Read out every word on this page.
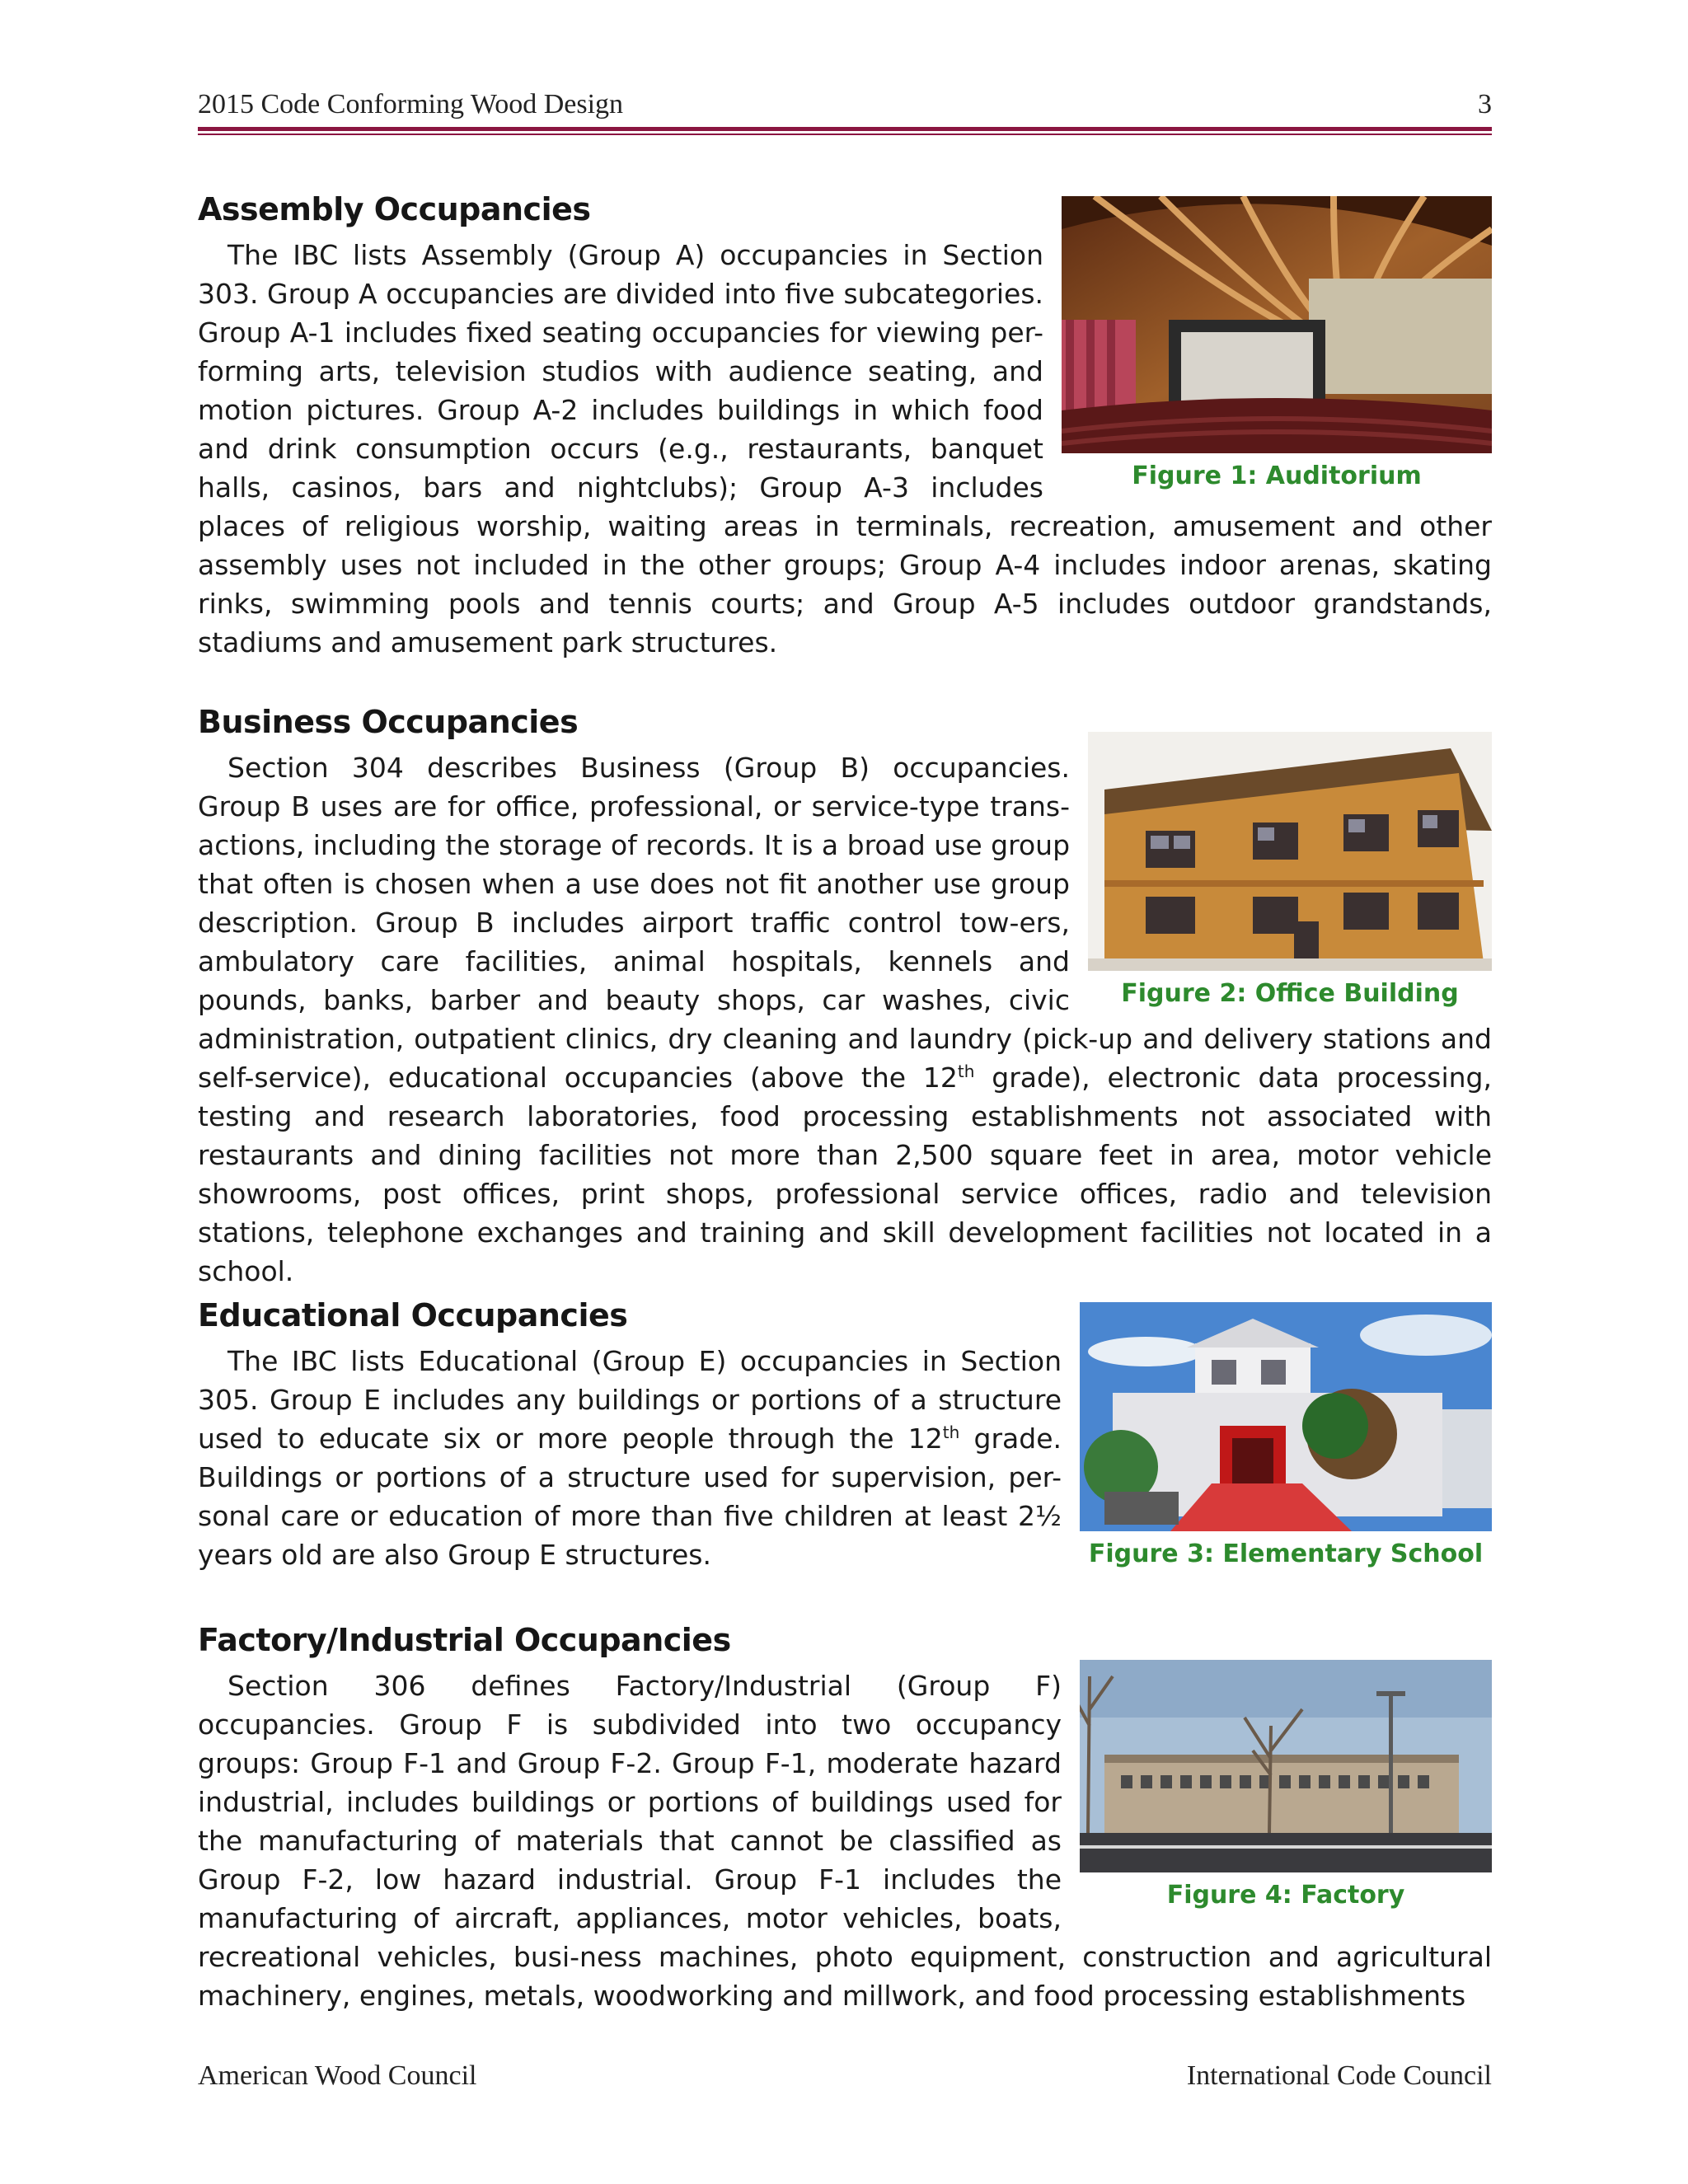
2015 Code Conforming Wood Design	3
Assembly Occupancies
Figure 1: Auditorium

The IBC lists Assembly (Group A) occupancies in Section 303. Group A occupancies are divided into five subcategories. Group A-1 includes fixed seating occupancies for viewing per-forming arts, television studios with audience seating, and motion pictures. Group A-2 includes buildings in which food and drink consumption occurs (e.g., restaurants, banquet halls, casinos, bars and nightclubs); Group A-3 includes places of religious worship, waiting areas in terminals, recreation, amusement and other assembly uses not included in the other groups; Group A-4 includes indoor arenas, skating rinks, swimming pools and tennis courts; and Group A-5 includes outdoor grandstands, stadiums and amusement park structures.

Business Occupancies
Figure 2: Office Building

Section 304 describes Business (Group B) occupancies. Group B uses are for office, professional, or service-type trans-actions, including the storage of records. It is a broad use group that often is chosen when a use does not fit another use group description. Group B includes airport traffic control tow-ers, ambulatory care facilities, animal hospitals, kennels and pounds, banks, barber and beauty shops, car washes, civic administration, outpatient clinics, dry cleaning and laundry (pick-up and delivery stations and self-service), educational occupancies (above the 12th grade), electronic data processing, testing and research laboratories, food processing establishments not associated with restaurants and dining facilities not more than 2,500 square feet in area, motor vehicle showrooms, post offices, print shops, professional service offices, radio and television stations, telephone exchanges and training and skill development facilities not located in a school.

Educational Occupancies
Figure 3: Elementary School

The IBC lists Educational (Group E) occupancies in Section 305. Group E includes any buildings or portions of a structure used to educate six or more people through the 12th grade. Buildings or portions of a structure used for supervision, per-sonal care or education of more than five children at least 2½ years old are also Group E structures.

Factory/Industrial Occupancies
Figure 4: Factory

Section 306 defines Factory/Industrial (Group F) occupancies. Group F is subdivided into two occupancy groups: Group F-1 and Group F-2. Group F-1, moderate hazard industrial, includes buildings or portions of buildings used for the manufacturing of materials that cannot be classified as Group F-2, low hazard industrial. Group F-1 includes the manufacturing of aircraft, appliances, motor vehicles, boats, recreational vehicles, busi-ness machines, photo equipment, construction and agricultural machinery, engines, metals, woodworking and millwork, and food processing establishments

American Wood Council	International Code Council
